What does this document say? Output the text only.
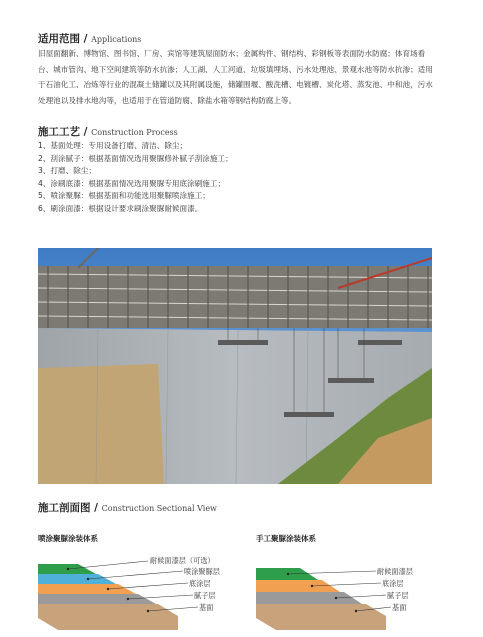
适用范围 / Applications
旧屋面翻新、博物馆、图书馆、厂房、宾馆等建筑屋面防水；金属构件、钢结构、彩钢板等表面防水防腐；体育场看台、城市管沟、地下空间建筑等防水抗渗；人工湖、人工河道、垃圾填埋场、污水处理池、景观水池等防水抗渗；适用于石油化工、冶炼等行业的混凝土储罐以及其附属设施，储罐围堰、酸洗槽、电镀槽、炭化塔、蒸发池、中和池，污水处理池以及排水地沟等，也适用于在管道防腐、除盐水箱等钢结构防腐上等。
施工工艺 / Construction Process
1、基面处理：专用设备打磨、清洁、除尘；
2、刮涂腻子：根据基面情况选用聚脲修补腻子刮涂施工；
3、打磨、除尘；
4、涂刷底漆：根据基面情况选用聚脲专用底涂刷施工；
5、喷涂聚脲：根据基面和功能选用聚脲喷涂施工；
6、刷涂面漆：根据设计要求刷涂聚脲耐候面漆。
施工剖面图 / Construction Sectional View
喷涂聚脲涂装体系
耐候面漆层（可选）
喷涂聚脲层
底涂层
腻子层
基面
手工聚脲涂装体系
耐候面漆层
底涂层
腻子层
基面
